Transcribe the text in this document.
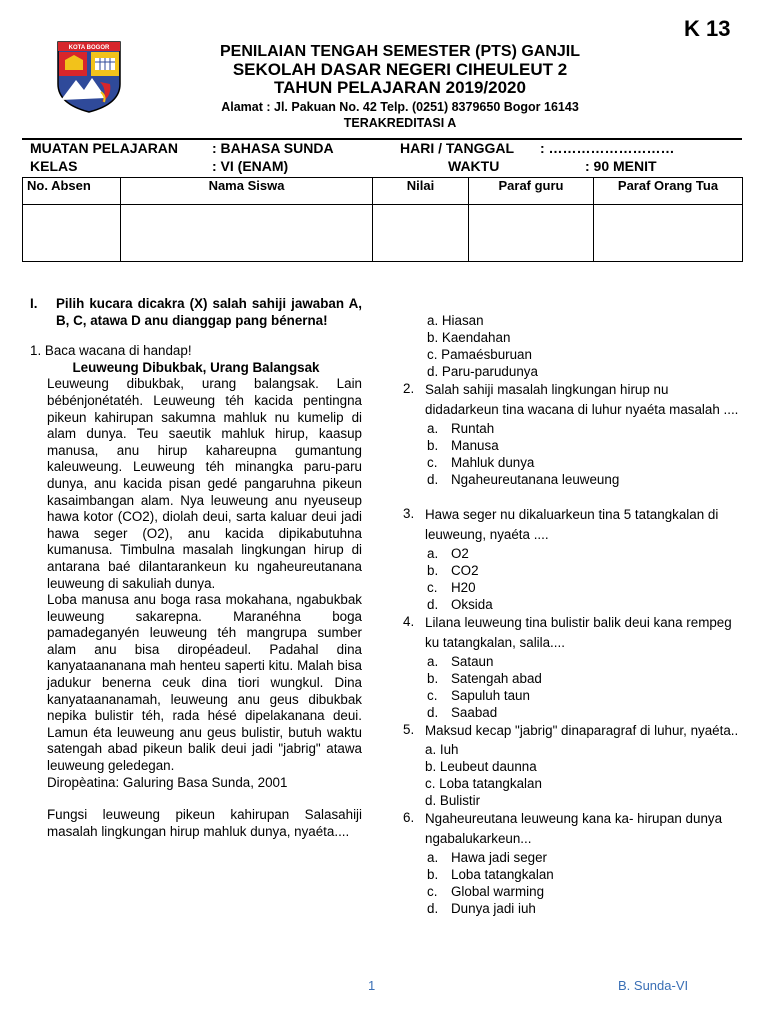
K 13
KOTA BOGOR	PENILAIAN TENGAH SEMESTER (PTS) GANJIL
SEKOLAH DASAR NEGERI CIHEULEUT 2
TAHUN PELAJARAN 2019/2020
Alamat : Jl. Pakuan No. 42 Telp. (0251) 8379650 Bogor 16143
TERAKREDITASI A
MUATAN PELAJARAN : BAHASA SUNDA	HARI / TANGGAL : ………………………
KELAS	: VI (ENAM)	WAKTU	: 90 MENIT
No. Absen	Nama Siswa	Nilai	Paraf guru	Paraf Orang Tua

I.	Pilih kucara dicakra (X) salah sahiji jawaban A, B, C, atawa D anu dianggap pang bénerna!
1. Baca wacana di handap!
Leuweung Dibukbak, Urang Balangsak
Leuweung dibukbak, urang balangsak. Lain bébénjonétatéh. Leuweung téh kacida pentingna pikeun kahirupan sakumna mahluk nu kumelip di alam dunya. Teu saeutik mahluk hirup, kaasup manusa, anu hirup kahareupna gumantung kaleuweung. Leuweung téh minangka paru-paru dunya, anu kacida pisan gedé pangaruhna pikeun kasaimbangan alam. Nya leuweung anu nyeuseup hawa kotor (CO2), diolah deui, sarta kaluar deui jadi hawa seger (O2), anu kacida dipikabutuhna kumanusa. Timbulna masalah lingkungan hirup di antarana baé dilantarankeun ku ngaheureutanana leuweung di sakuliah dunya.
Loba manusa anu boga rasa mokahana, ngabukbak leuweung sakarepna. Maranéhna boga pamadeganyén leuweung téh mangrupa sumber alam anu bisa diropéadeul. Padahal dina kanyataananana mah henteu saperti kitu. Malah bisa jadukur benerna ceuk dina tiori wungkul. Dina kanyataananamah, leuweung anu geus dibukbak nepika bulistir téh, rada hésé dipelakanana deui. Lamun éta leuweung anu geus bulistir, butuh waktu satengah abad pikeun balik deui jadi "jabrig" atawa leuweung geledegan.
Diropèatina: Galuring Basa Sunda, 2001
Fungsi leuweung pikeun kahirupan Salasahiji masalah lingkungan hirup mahluk dunya, nyaéta....
a. Hiasan
b. Kaendahan
c. Pamaésburuan
d. Paru-parudunya
2. Salah sahiji masalah lingkungan hirup nu didadarkeun tina wacana di luhur nyaéta masalah ....
a. Runtah
b. Manusa
c.	Mahluk dunya
d. Ngaheureutanana leuweung
3. Hawa seger nu dikaluarkeun tina 5 tatangkalan di leuweung, nyaéta ....
a. O2
b. CO2
c.	H20
d. Oksida
4. Lilana leuweung tina bulistir balik deui kana rempeg ku tatangkalan, salila....
a. Sataun
b. Satengah abad
c.	Sapuluh taun
d. Saabad
5. Maksud kecap "jabrig" dinaparagraf di luhur, nyaéta..
a. Iuh
b. Leubeut daunna
c. Loba tatangkalan
d. Bulistir
6. Ngaheureutana leuweung kana ka- hirupan dunya ngabalukarkeun...
a. Hawa jadi seger
b. Loba tatangkalan
c.	Global warming
d. Dunya jadi iuh
1	B. Sunda-VI
